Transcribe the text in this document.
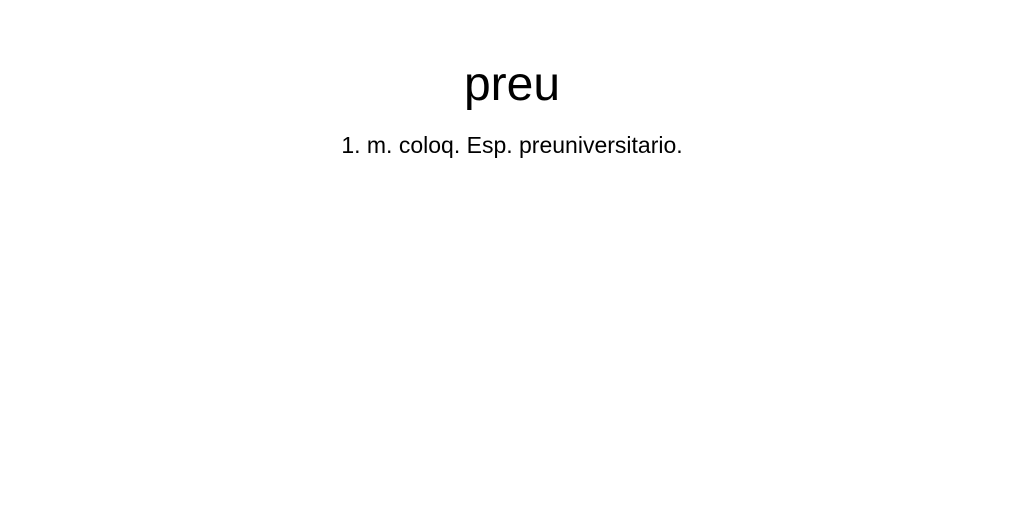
preu

1. m. coloq. Esp. preuniversitario.
